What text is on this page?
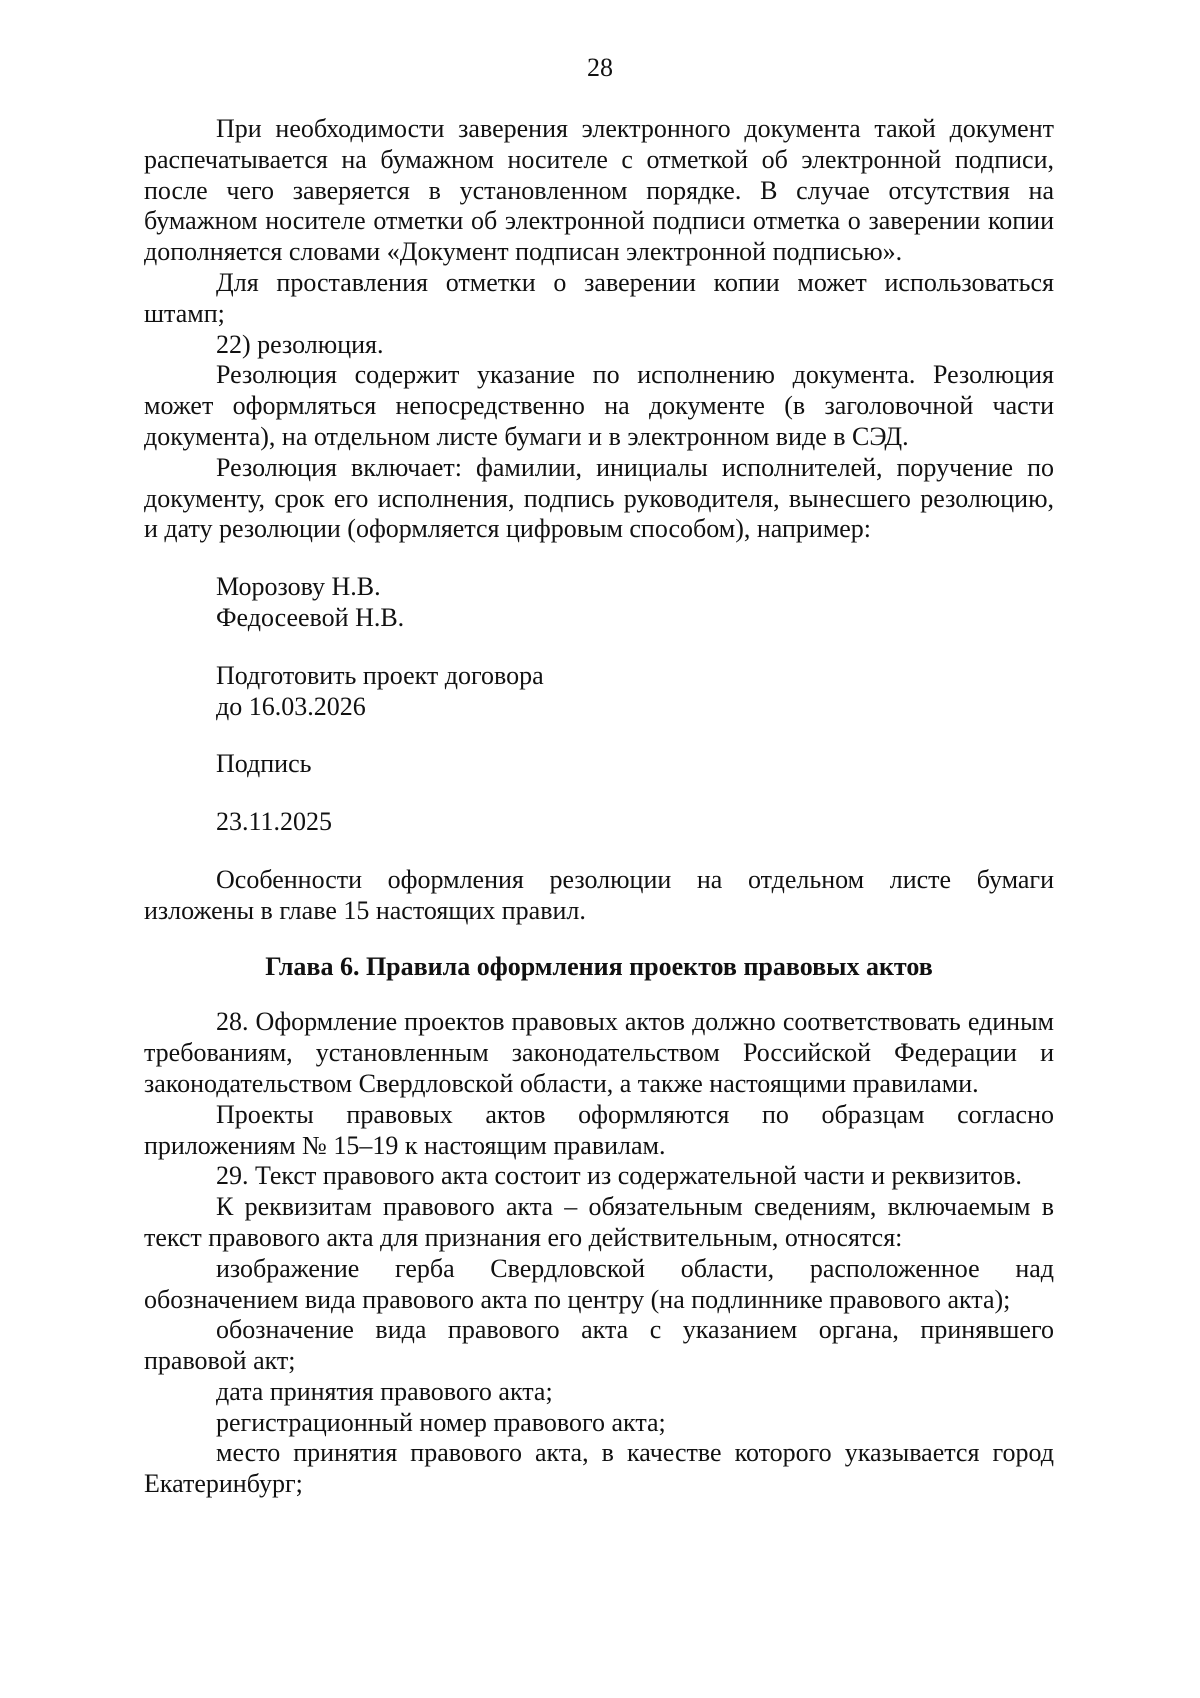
28

При необходимости заверения электронного документа такой документ распечатывается на бумажном носителе с отметкой об электронной подписи, после чего заверяется в установленном порядке. В случае отсутствия на бумажном носителе отметки об электронной подписи отметка о заверении копии дополняется словами «Документ подписан электронной подписью».

Для проставления отметки о заверении копии может использоваться штамп;

22) резолюция.

Резолюция содержит указание по исполнению документа. Резолюция может оформляться непосредственно на документе (в заголовочной части документа), на отдельном листе бумаги и в электронном виде в СЭД.

Резолюция включает: фамилии, инициалы исполнителей, поручение по документу, срок его исполнения, подпись руководителя, вынесшего резолюцию, и дату резолюции (оформляется цифровым способом), например:

Морозову Н.В.

Федосеевой Н.В.

Подготовить проект договора

до 16.03.2026

Подпись

23.11.2025

Особенности оформления резолюции на отдельном листе бумаги изложены в главе 15 настоящих правил.

Глава 6. Правила оформления проектов правовых актов

28. Оформление проектов правовых актов должно соответствовать единым требованиям, установленным законодательством Российской Федерации и законодательством Свердловской области, а также настоящими правилами.

Проекты правовых актов оформляются по образцам согласно приложениям № 15–19 к настоящим правилам.

29. Текст правового акта состоит из содержательной части и реквизитов.

К реквизитам правового акта – обязательным сведениям, включаемым в текст правового акта для признания его действительным, относятся:

изображение герба Свердловской области, расположенное над обозначением вида правового акта по центру (на подлиннике правового акта);

обозначение вида правового акта с указанием органа, принявшего правовой акт;

дата принятия правового акта;

регистрационный номер правового акта;

место принятия правового акта, в качестве которого указывается город Екатеринбург;
